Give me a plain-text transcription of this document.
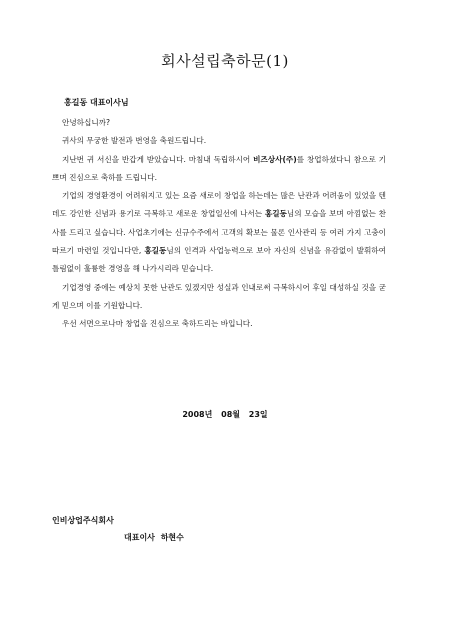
회사설립축하문(1)
홍길동 대표이사님

안녕하십니까?

귀사의 무궁한 발전과 번영을 축원드립니다.

지난번 귀 서신을 반갑게 받았습니다. 마침내 독립하시어 비즈상사(주)를 창업하셨다니 참으로 기쁘며 진심으로 축하를 드립니다.

기업의 경영환경이 어려워지고 있는 요즘 새로이 창업을 하는데는 많은 난관과 어려움이 있었을 텐 데도 강인한 신념과 용기로 극복하고 새로운 창업일선에 나서는 홍길동님의 모습을 보며 아낌없는 찬사를 드리고 싶습니다. 사업초기에는 신규수주에서 고객의 확보는 물론 인사관리 등 여러 가지 고충이 따르기 마련일 것입니다만, 홍길동님의 인격과 사업능력으로 보아 자신의 신념을 유감없이 발휘하여 틀림없이 훌륭한 경영을 해 나가시리라 믿습니다.

기업경영 중에는 예상치 못한 난관도 있겠지만 성실과 인내로써 극복하시어 후일 대성하실 것을 굳게 믿으며 이를 기원합니다.

우선 서면으로나마 창업을 진심으로 축하드리는 바입니다.

2008년 08월 23일
인비상업주식회사
대표이사 하현수
